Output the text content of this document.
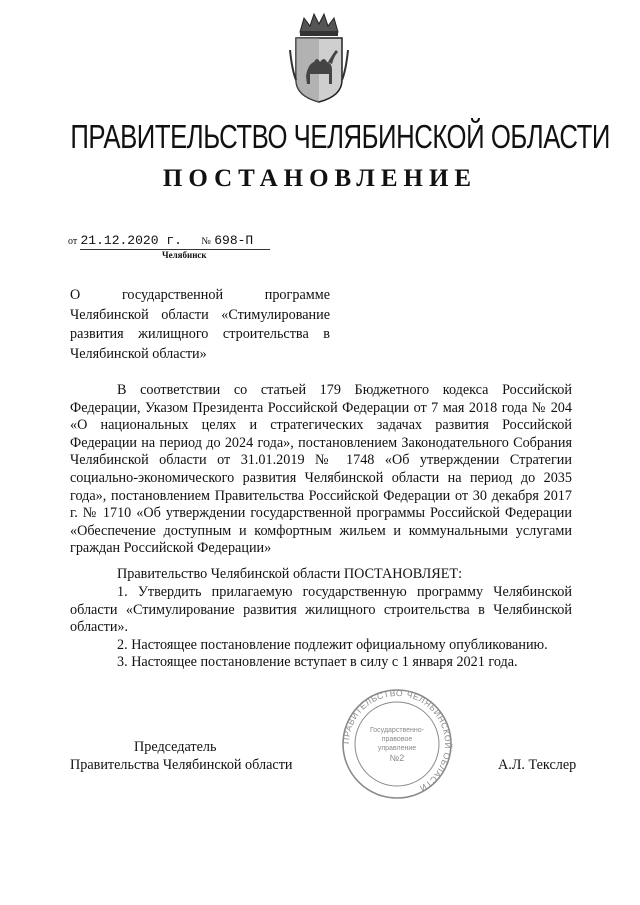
ПРАВИТЕЛЬСТВО ЧЕЛЯБИНСКОЙ ОБЛАСТИ
ПОСТАНОВЛЕНИЕ
от 21.12.2020 г. № 698-П
Челябинск
О государственной программе Челябинской области «Стимулирование развития жилищного строительства в Челябинской области»

В соответствии со статьей 179 Бюджетного кодекса Российской Федерации, Указом Президента Российской Федерации от 7 мая 2018 года № 204 «О национальных целях и стратегических задачах развития Российской Федерации на период до 2024 года», постановлением Законодательного Собрания Челябинской области от 31.01.2019 № 1748 «Об утверждении Стратегии социально-экономического развития Челябинской области на период до 2035 года», постановлением Правительства Российской Федерации от 30 декабря 2017 г. № 1710 «Об утверждении государственной программы Российской Федерации «Обеспечение доступным и комфортным жильем и коммунальными услугами граждан Российской Федерации»

Правительство Челябинской области ПОСТАНОВЛЯЕТ:

1. Утвердить прилагаемую государственную программу Челябинской области «Стимулирование развития жилищного строительства в Челябинской области».

2. Настоящее постановление подлежит официальному опубликованию.

3. Настоящее постановление вступает в силу с 1 января 2021 года.

Председатель
Правительства Челябинской области	А.Л. Текслер
ПРАВИТЕЛЬСТВО ЧЕЛЯБИНСКОЙ ОБЛАСТИ
Государственно-
правовое
управление
№2
